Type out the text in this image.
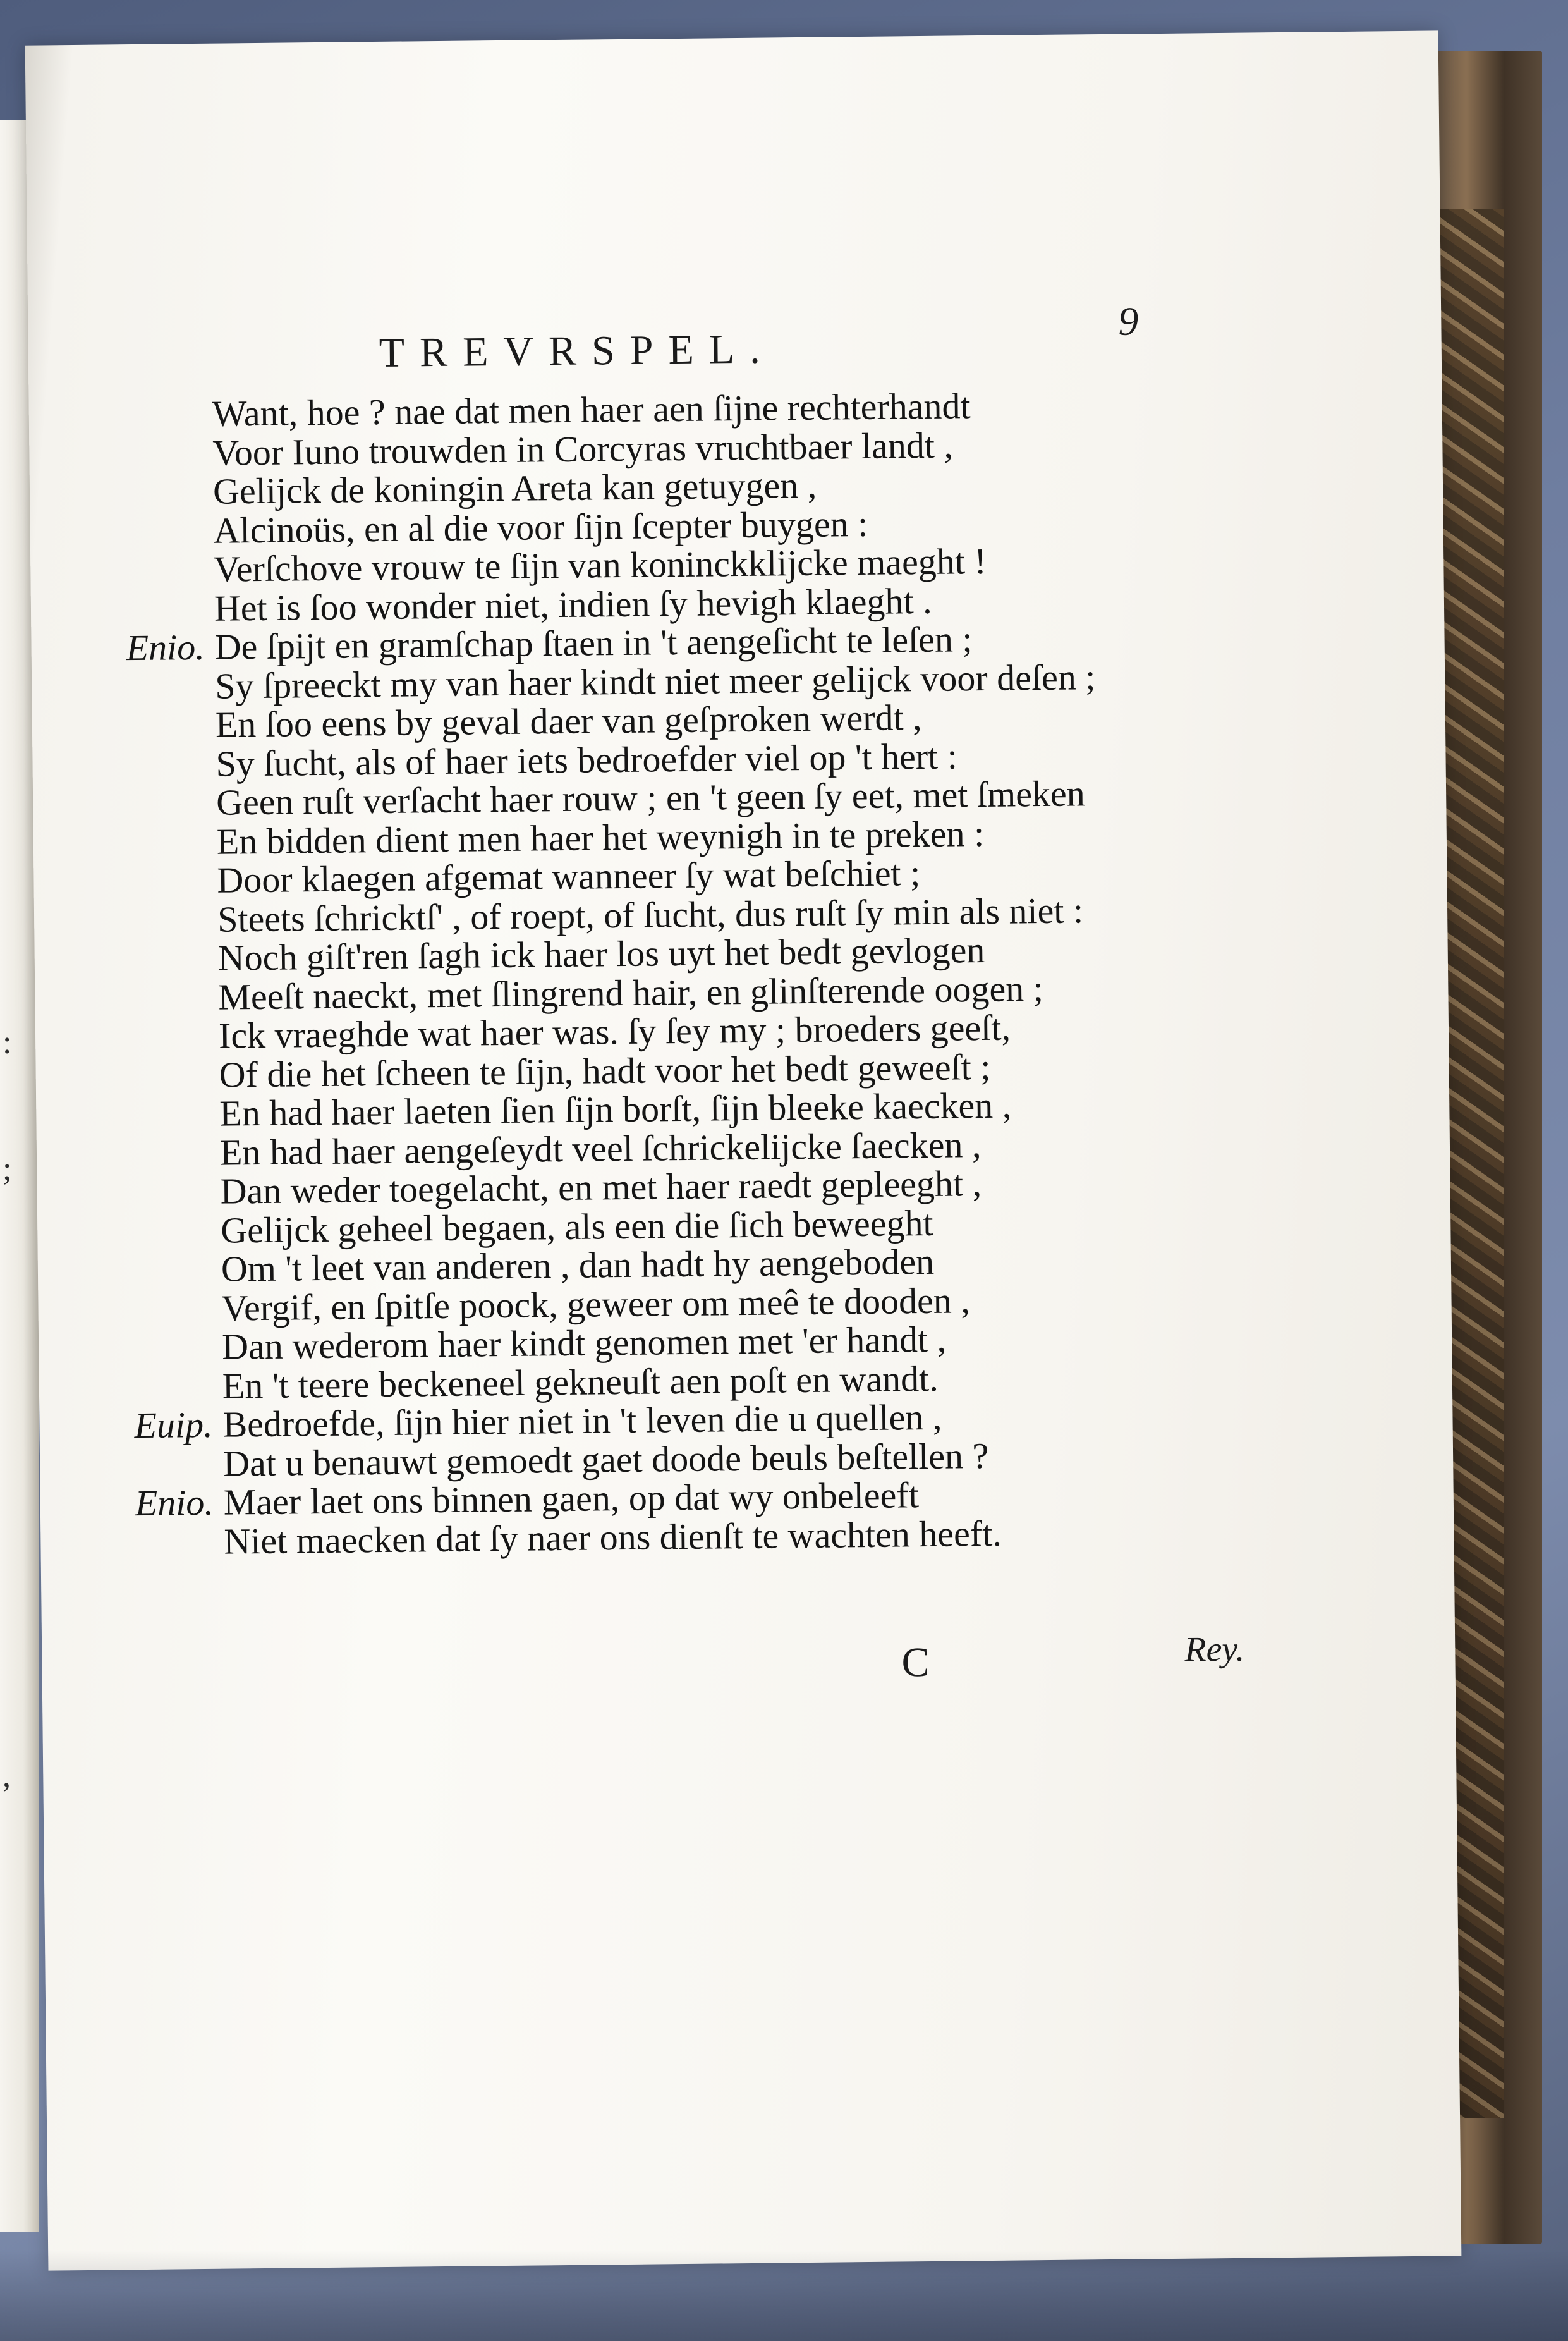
:
;
,
TREVRSPEL.
9
Want, hoe ? nae dat men haer aen ſijne rechterhandt
Voor Iuno trouwden in Corcyras vruchtbaer landt ,
Gelijck de koningin Areta kan getuygen ,
Alcinoüs, en al die voor ſijn ſcepter buygen :
Verſchove vrouw te ſijn van koninckklijcke maeght !
Het is ſoo wonder niet, indien ſy hevigh klaeght .
Enio. De ſpijt en gramſchap ſtaen in 't aengeſicht te leſen ;
Sy ſpreeckt my van haer kindt niet meer gelijck voor deſen ;
En ſoo eens by geval daer van geſproken werdt ,
Sy ſucht, als of haer iets bedroefder viel op 't hert :
Geen ruſt verſacht haer rouw ; en 't geen ſy eet, met ſmeken
En bidden dient men haer het weynigh in te preken :
Door klaegen afgemat wanneer ſy wat beſchiet ;
Steets ſchricktſ' , of roept, of ſucht, dus ruſt ſy min als niet :
Noch giſt'ren ſagh ick haer los uyt het bedt gevlogen
Meeſt naeckt, met ſlingrend hair, en glinſterende oogen ;
Ick vraeghde wat haer was. ſy ſey my ; broeders geeſt,
Of die het ſcheen te ſijn, hadt voor het bedt geweeſt ;
En had haer laeten ſien ſijn borſt, ſijn bleeke kaecken ,
En had haer aengeſeydt veel ſchrickelijcke ſaecken ,
Dan weder toegelacht, en met haer raedt gepleeght ,
Gelijck geheel begaen, als een die ſich beweeght
Om 't leet van anderen , dan hadt hy aengeboden
Vergif, en ſpitſe poock, geweer om meê te dooden ,
Dan wederom haer kindt genomen met 'er handt ,
En 't teere beckeneel gekneuſt aen poſt en wandt.
Euip. Bedroefde, ſijn hier niet in 't leven die u quellen ,
Dat u benauwt gemoedt gaet doode beuls beſtellen ?
Enio. Maer laet ons binnen gaen, op dat wy onbeleeft
Niet maecken dat ſy naer ons dienſt te wachten heeft.
C	Rey.
